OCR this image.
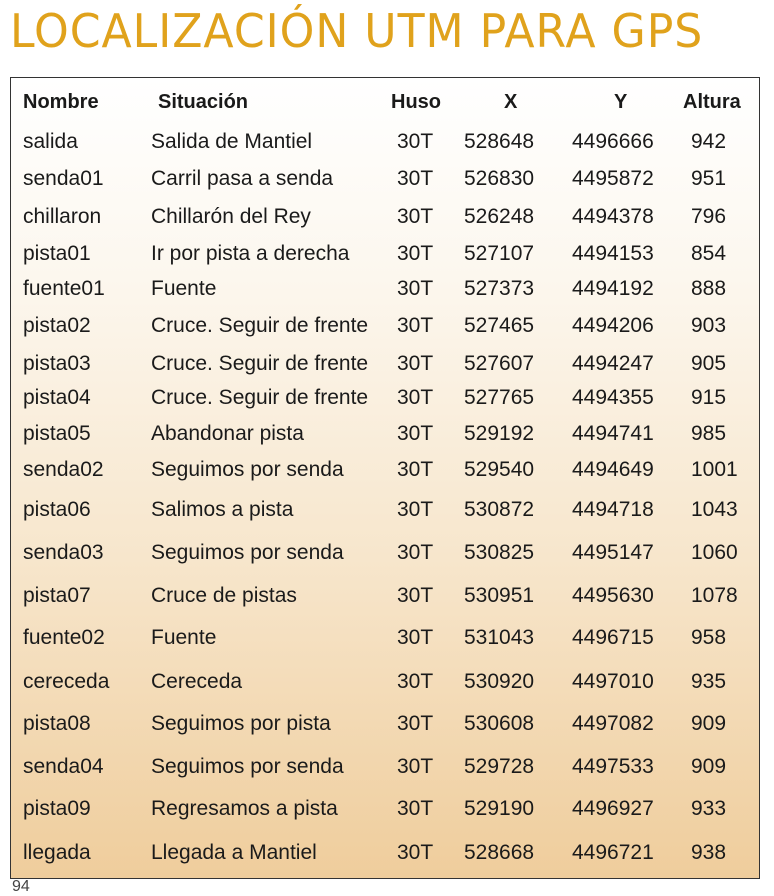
LOCALIZACIÓN UTM PARA GPS
Nombre	Situación	Huso	X	Y	Altura
salida	Salida de Mantiel	30T 528648 4496666 942
senda01 Carril pasa a senda	30T 526830 4495872 951
chillaron Chillarón del Rey	30T 526248 4494378 796
pista01	Ir por pista a derecha 30T 527107 4494153 854
fuente01 Fuente	30T 527373 4494192 888
pista02	Cruce. Seguir de frente 30T 527465 4494206 903
pista03	Cruce. Seguir de frente 30T 527607 4494247 905
pista04	Cruce. Seguir de frente 30T 527765 4494355 915
pista05	Abandonar pista	30T 529192 4494741 985
senda02 Seguimos por senda	30T 529540 4494649 1001
pista06	Salimos a pista	30T 530872 4494718 1043
senda03 Seguimos por senda	30T 530825 4495147 1060
pista07	Cruce de pistas	30T 530951 4495630 1078
fuente02 Fuente	30T 531043 4496715 958
cereceda Cereceda	30T 530920 4497010 935
pista08	Seguimos por pista	30T 530608 4497082 909
senda04 Seguimos por senda	30T 529728 4497533 909
pista09	Regresamos a pista	30T 529190 4496927 933
llegada	Llegada a Mantiel	30T 528668 4496721 938
94
